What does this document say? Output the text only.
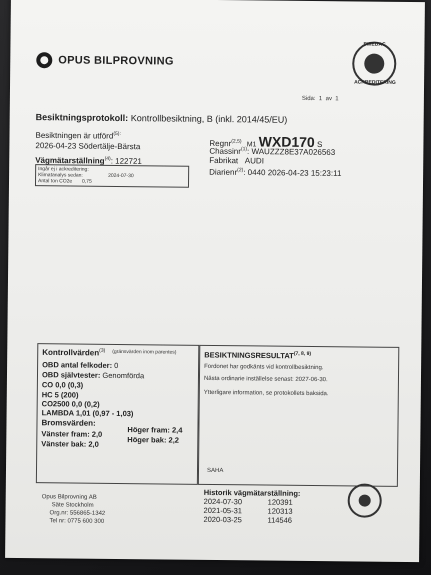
OPUS BILPROVNING
SWEDAC
ACKREDITERING
Sida: 1 av 1
Besiktningsprotokoll: Kontrollbesiktning, B (inkl. 2014/45/EU)
Besiktningen är utförd$^{(5):}$
2026-04-23 Södertälje-Bärsta
Vägmätarställning$^{(4)}$: 122721
Ingår ej i ackreditering:
Klimatanalys sedan:	2024-07-30
Antal ton CO2e 0,75
Regnr$^{(2,5)}$ M1 WXD170 S
Chassinr$^{(1)}$: WAUZZZ8E37A026563
Fabrikat AUDI
Diarienr$^{(2)}$: 0440 2026-04-23 15:23:11
Kontrollvärden$^{(3)}$ (gränsvärden inom parentes)
OBD antal felkoder: 0
OBD självtester: Genomförda
CO 0,0 (0,3)
HC 5 (200)
CO2500 0,0 (0,2)
LAMBDA 1,01 (0,97 - 1,03)
Bromsvärden:
Vänster fram: 2,0
Vänster bak: 2,0
Höger fram: 2,4
Höger bak: 2,2
BESIKTNINGSRESULTAT$^{(7, 8, 9)}$
Fordonet har godkänts vid kontrollbesiktning.
Nästa ordinarie inställelse senast: 2027-06-30.
Ytterligare information, se protokollets baksida.
SAHA
Opus Bilprovning AB
Säte Stockholm
Org.nr: 556865-1342
Tel nr: 0775 600 300
Historik vägmätarställning:
2024-07-30	120391
2021-05-31	120313
2020-03-25	114546
